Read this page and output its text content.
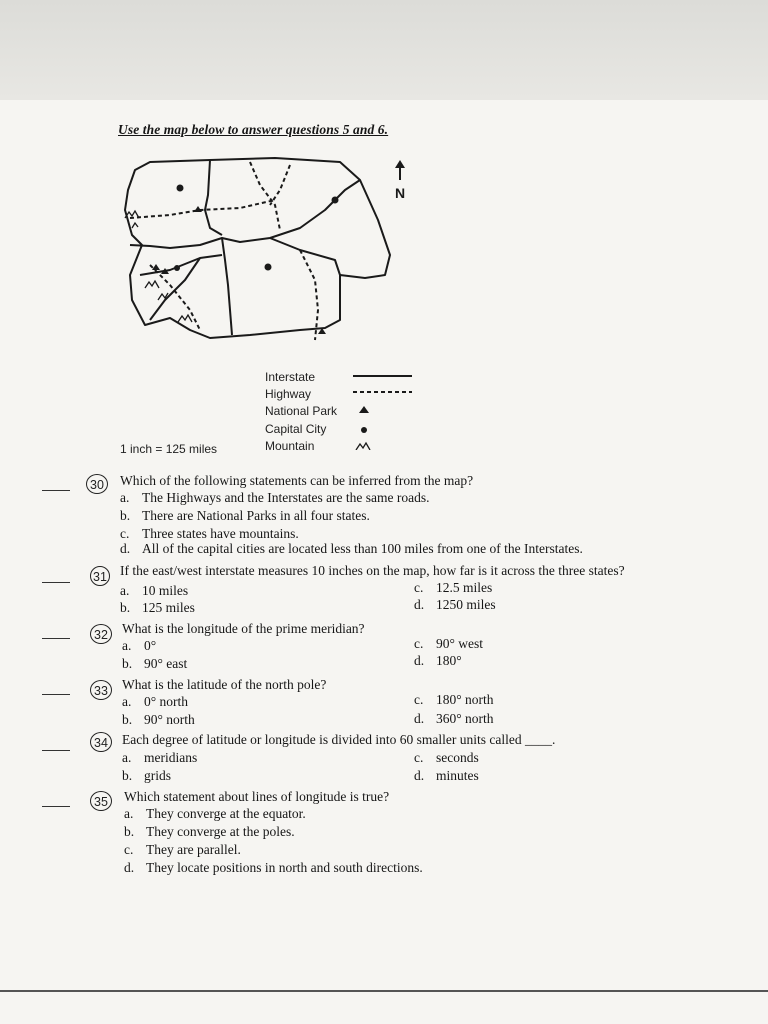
Use the map below to answer questions 5 and 6.
N
Interstate
Highway
National Park
Capital City
Mountain
1 inch = 125 miles
30 Which of the following statements can be inferred from the map?
a. The Highways and the Interstates are the same roads.
b. There are National Parks in all four states.
c. Three states have mountains.
d. All of the capital cities are located less than 100 miles from one of the Interstates.
31 If the east/west interstate measures 10 inches on the map, how far is it across the three states?
a. 10 miles
b. 125 miles
c. 12.5 miles
d. 1250 miles
32 What is the longitude of the prime meridian?
a. 0°
b. 90° east
c. 90° west
d. 180°
33 What is the latitude of the north pole?
a. 0° north
b. 90° north
c. 180° north
d. 360° north
34 Each degree of latitude or longitude is divided into 60 smaller units called ____.
a. meridians
b. grids
c. seconds
d. minutes
35 Which statement about lines of longitude is true?
a. They converge at the equator.
b. They converge at the poles.
c. They are parallel.
d. They locate positions in north and south directions.
